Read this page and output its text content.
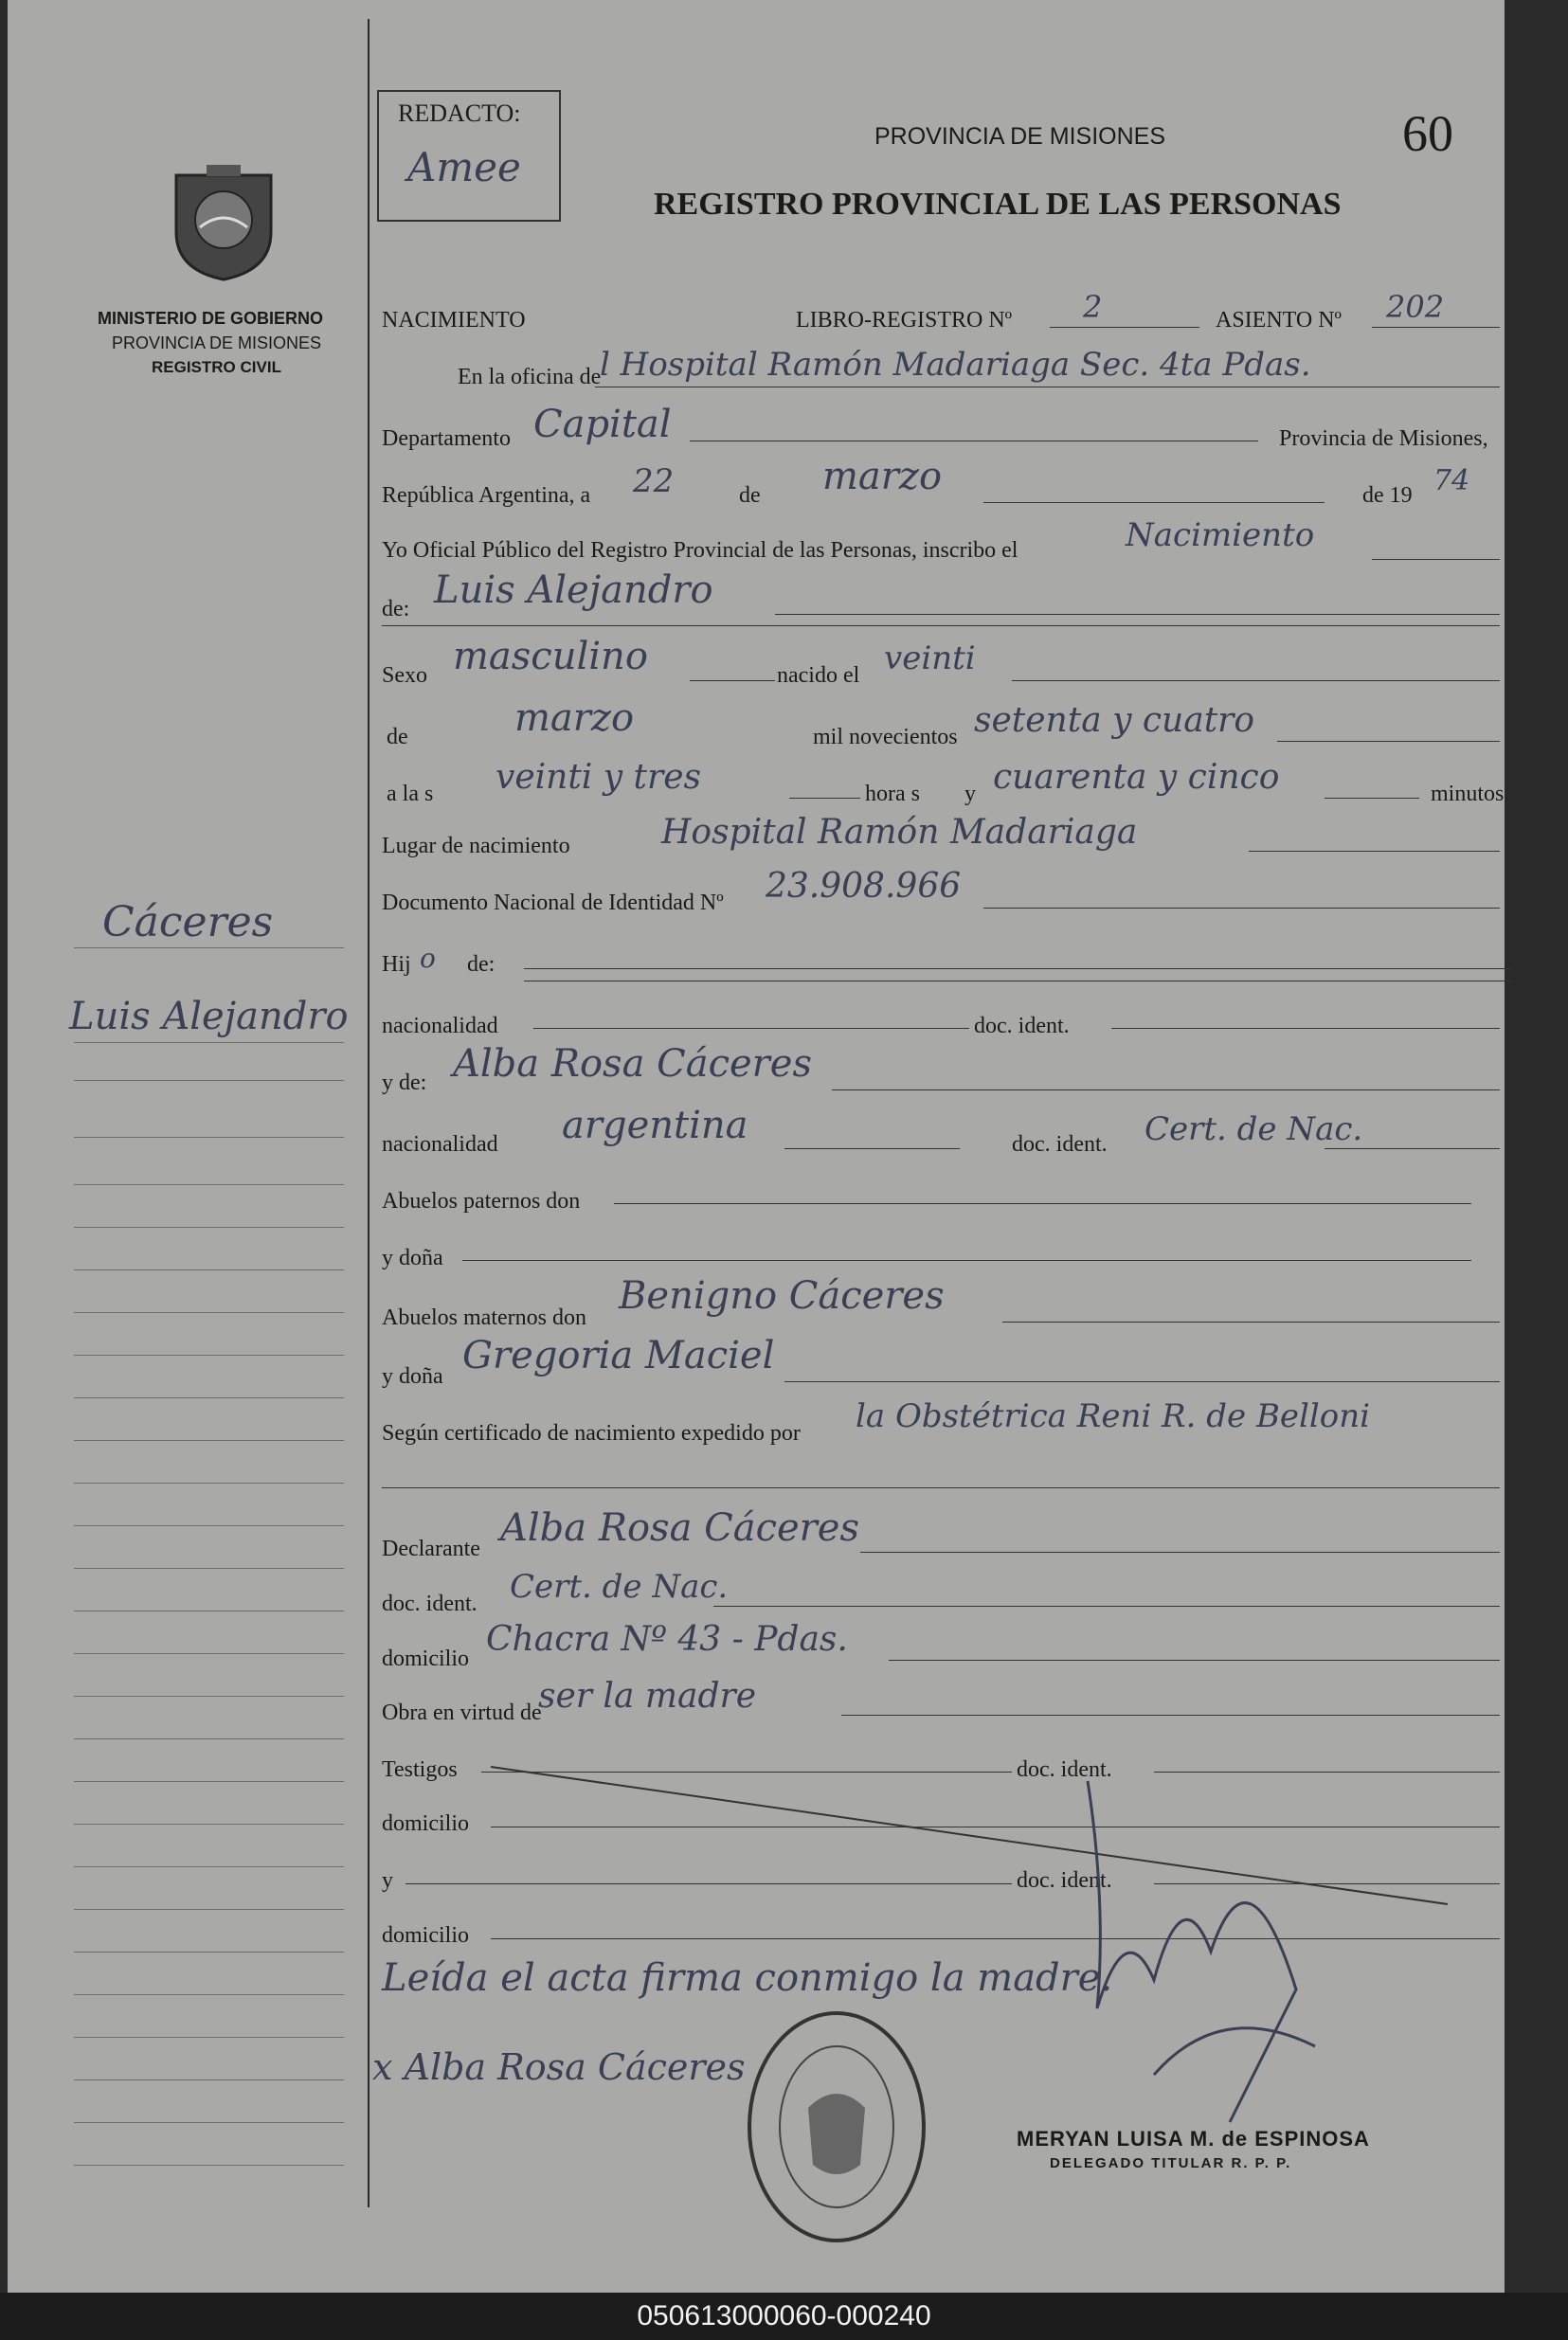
MINISTERIO DE GOBIERNO
PROVINCIA DE MISIONES
REGISTRO CIVIL
REDACTO:
Amee
PROVINCIA DE MISIONES
REGISTRO PROVINCIAL DE LAS PERSONAS
60
Cáceres
Luis Alejandro
NACIMIENTO	LIBRO-REGISTRO Nº 2	ASIENTO Nº 202
En la oficina de
l Hospital Ramón Madariaga Sec. 4ta Pdas.
Departamento Capital	Provincia de Misiones,
República Argentina, a 22	de marzo	de 19 74
Yo Oficial Público del Registro Provincial de las Personas, inscribo el	Nacimiento
de: Luis Alejandro
Sexo masculino	nacido el veinti
de	marzo	mil novecientos setenta y cuatro
a la s veinti y tres	hora s y cuarenta y cinco	minutos
Lugar de nacimiento	Hospital Ramón Madariaga
Documento Nacional de Identidad Nº 23.908.966
Hij o de:
nacionalidad	doc. ident.
y de: Alba Rosa Cáceres
nacionalidad argentina	doc. ident. Cert. de Nac.
Abuelos paternos don
y doña
Abuelos maternos don Benigno Cáceres
y doña Gregoria Maciel
Según certificado de nacimiento expedido por la Obstétrica Reni R. de Belloni
Declarante Alba Rosa Cáceres
doc. ident. Cert. de Nac.
domicilio Chacra Nº 43 - Pdas.
Obra en virtud de
ser la madre
Testigos	doc. ident.
domicilio
y	doc. ident.
domicilio
Leída el acta firma conmigo la madre.
x Alba Rosa Cáceres
MERYAN LUISA M. de ESPINOSA
DELEGADO TITULAR R. P. P.
050613000060-000240
